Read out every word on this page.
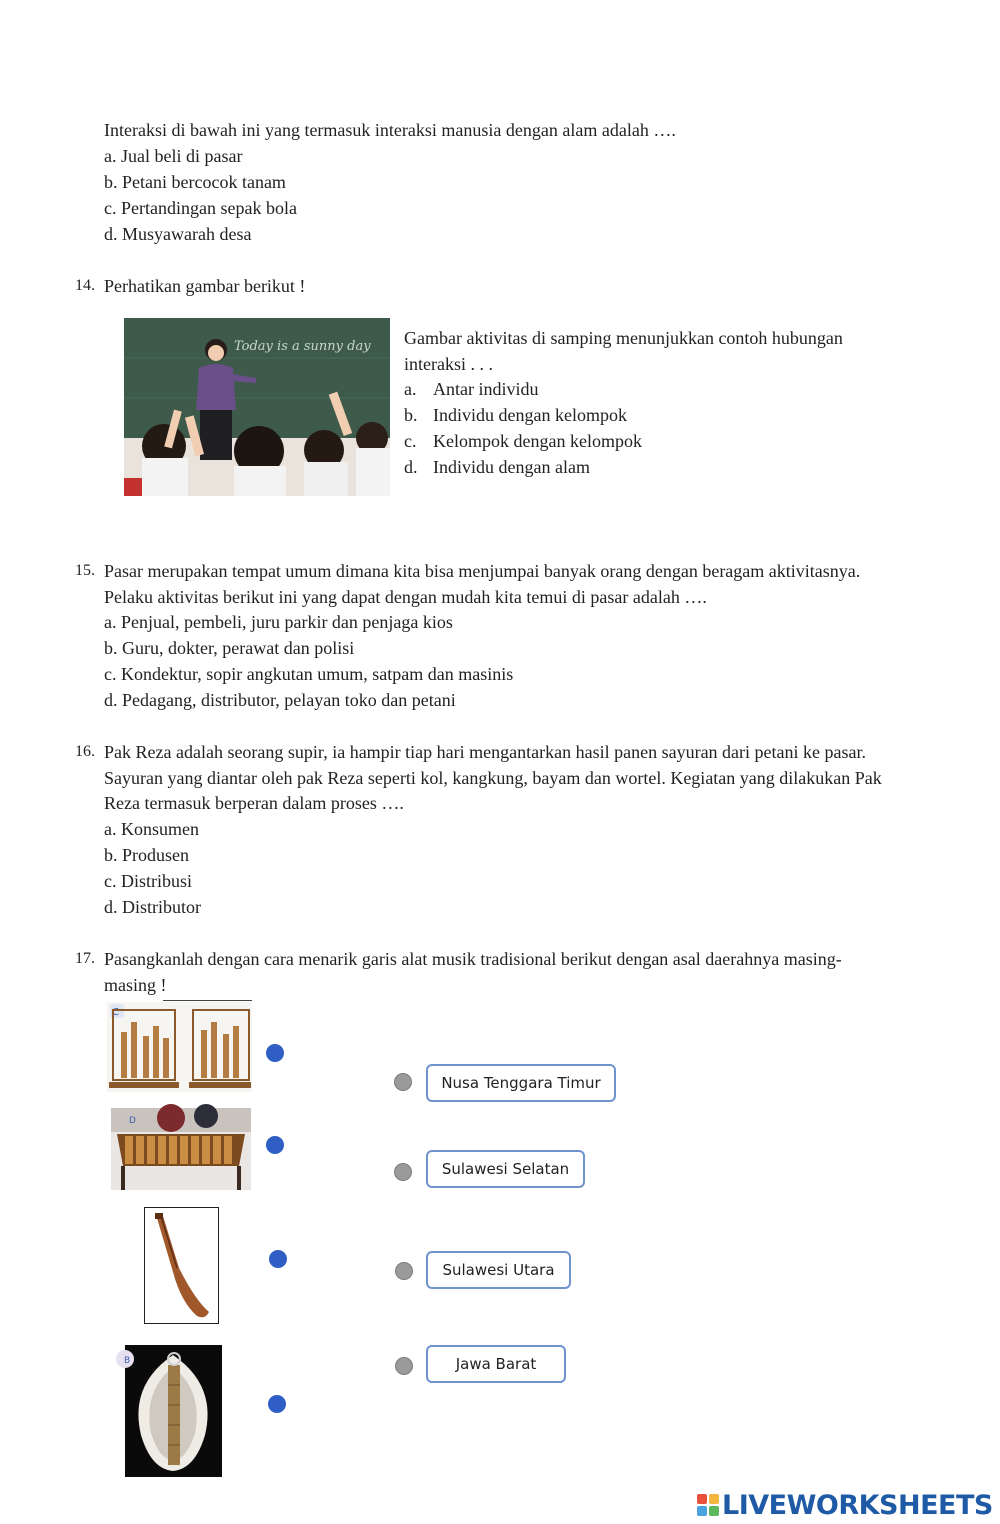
Interaksi di bawah ini yang termasuk interaksi manusia dengan alam adalah ….
a. Jual beli di pasar
b. Petani bercocok tanam
c. Pertandingan sepak bola
d. Musyawarah desa
14. Perhatikan gambar berikut !
Today is a sunny day Gambar aktivitas di samping menunjukkan contoh hubungan
interaksi . . .
a. Antar individu
b. Individu dengan kelompok
c. Kelompok dengan kelompok
d. Individu dengan alam
15. Pasar merupakan tempat umum dimana kita bisa menjumpai banyak orang dengan beragam aktivitasnya.
Pelaku aktivitas berikut ini yang dapat dengan mudah kita temui di pasar adalah ….
a. Penjual, pembeli, juru parkir dan penjaga kios
b. Guru, dokter, perawat dan polisi
c. Kondektur, sopir angkutan umum, satpam dan masinis
d. Pedagang, distributor, pelayan toko dan petani
16. Pak Reza adalah seorang supir, ia hampir tiap hari mengantarkan hasil panen sayuran dari petani ke pasar.
Sayuran yang diantar oleh pak Reza seperti kol, kangkung, bayam dan wortel. Kegiatan yang dilakukan Pak
Reza termasuk berperan dalam proses ….
a. Konsumen
b. Produsen
c. Distribusi
d. Distributor
17. Pasangkanlah dengan cara menarik garis alat musik tradisional berikut dengan asal daerahnya masing-
masing !
C
D
B
Nusa Tenggara Timur
Sulawesi Selatan
Sulawesi Utara
Jawa Barat
LIVEWORKSHEETS
